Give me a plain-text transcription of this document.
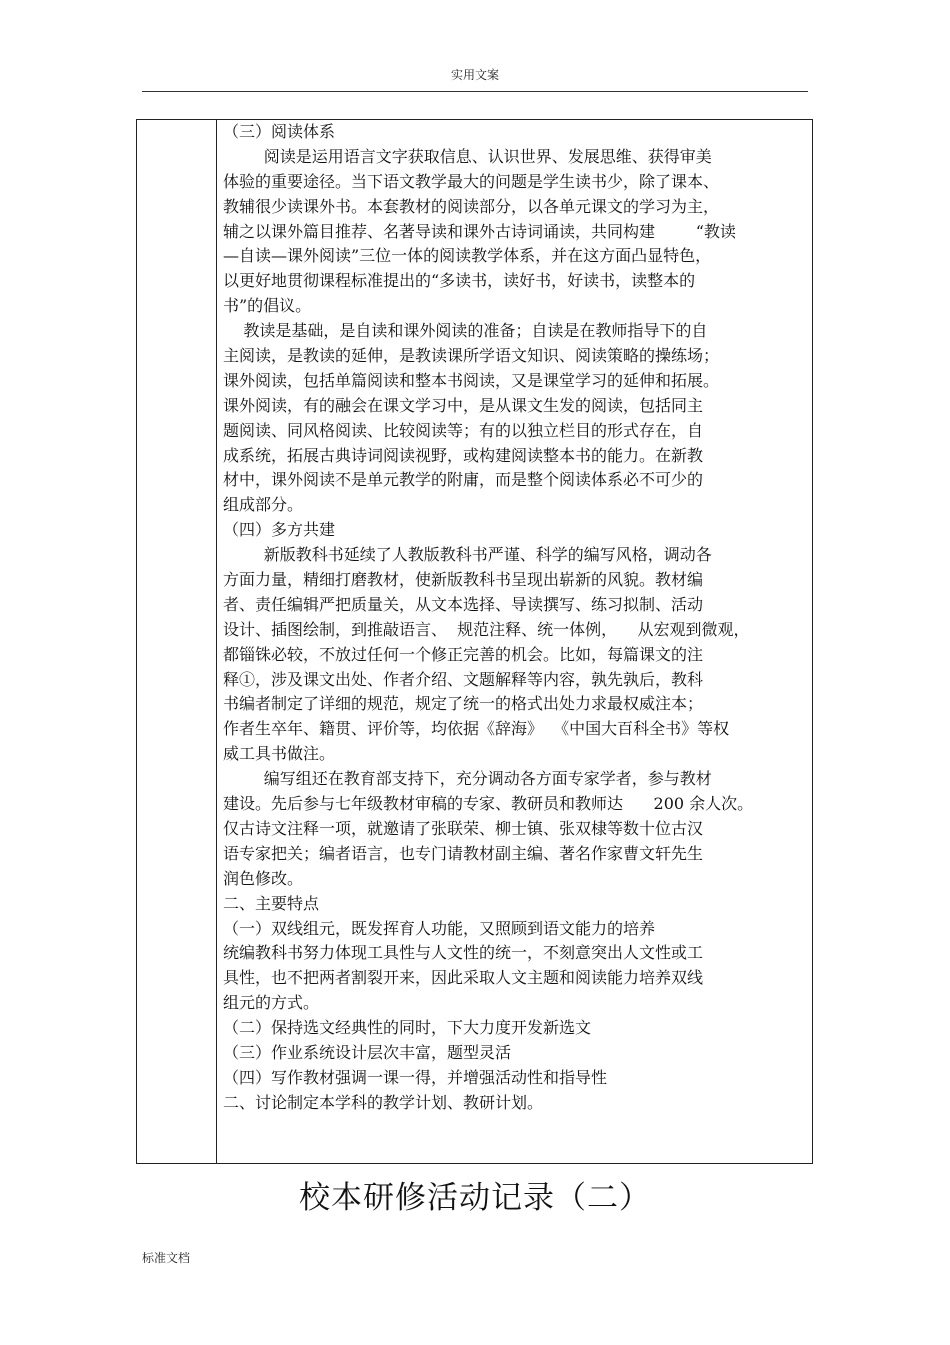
实用文案
（三）阅读体系
阅读是运用语言文字获取信息、认识世界、发展思维、获得审美
体验的重要途径。当下语文教学最大的问题是学生读书少，除了课本、
教辅很少读课外书。本套教材的阅读部分，以各单元课文的学习为主，
辅之以课外篇目推荐、名著导读和课外古诗词诵读，共同构建        “教读
—自读—课外阅读”三位一体的阅读教学体系，并在这方面凸显特色，
以更好地贯彻课程标准提出的“多读书，读好书，好读书，读整本的
书”的倡议。
教读是基础，是自读和课外阅读的准备；自读是在教师指导下的自
主阅读，是教读的延伸，是教读课所学语文知识、阅读策略的操练场；
课外阅读，包括单篇阅读和整本书阅读，又是课堂学习的延伸和拓展。
课外阅读，有的融会在课文学习中，是从课文生发的阅读，包括同主
题阅读、同风格阅读、比较阅读等；有的以独立栏目的形式存在，自
成系统，拓展古典诗词阅读视野，或构建阅读整本书的能力。在新教
材中，课外阅读不是单元教学的附庸，而是整个阅读体系必不可少的
组成部分。
（四）多方共建
新版教科书延续了人教版教科书严谨、科学的编写风格，调动各
方面力量，精细打磨教材，使新版教科书呈现出崭新的风貌。教材编
者、责任编辑严把质量关，从文本选择、导读撰写、练习拟制、活动
设计、插图绘制，到推敲语言、  规范注释、统一体例，    从宏观到微观，
都锱铢必较，不放过任何一个修正完善的机会。比如，每篇课文的注
释①，涉及课文出处、作者介绍、文题解释等内容，孰先孰后，教科
书编者制定了详细的规范，规定了统一的格式出处力求最权威注本；
作者生卒年、籍贯、评价等，均依据《辞海》  《中国大百科全书》等权
威工具书做注。
编写组还在教育部支持下，充分调动各方面专家学者，参与教材
建设。先后参与七年级教材审稿的专家、教研员和教师达      200 余人次。
仅古诗文注释一项，就邀请了张联荣、柳士镇、张双棣等数十位古汉
语专家把关；编者语言，也专门请教材副主编、著名作家曹文轩先生
润色修改。
二、主要特点
（一）双线组元，既发挥育人功能，又照顾到语文能力的培养
统编教科书努力体现工具性与人文性的统一，不刻意突出人文性或工
具性，也不把两者割裂开来，因此采取人文主题和阅读能力培养双线
组元的方式。
（二）保持选文经典性的同时，下大力度开发新选文
（三）作业系统设计层次丰富，题型灵活
（四）写作教材强调一课一得，并增强活动性和指导性
二、讨论制定本学科的教学计划、教研计划。
校本研修活动记录（二）
标准文档
